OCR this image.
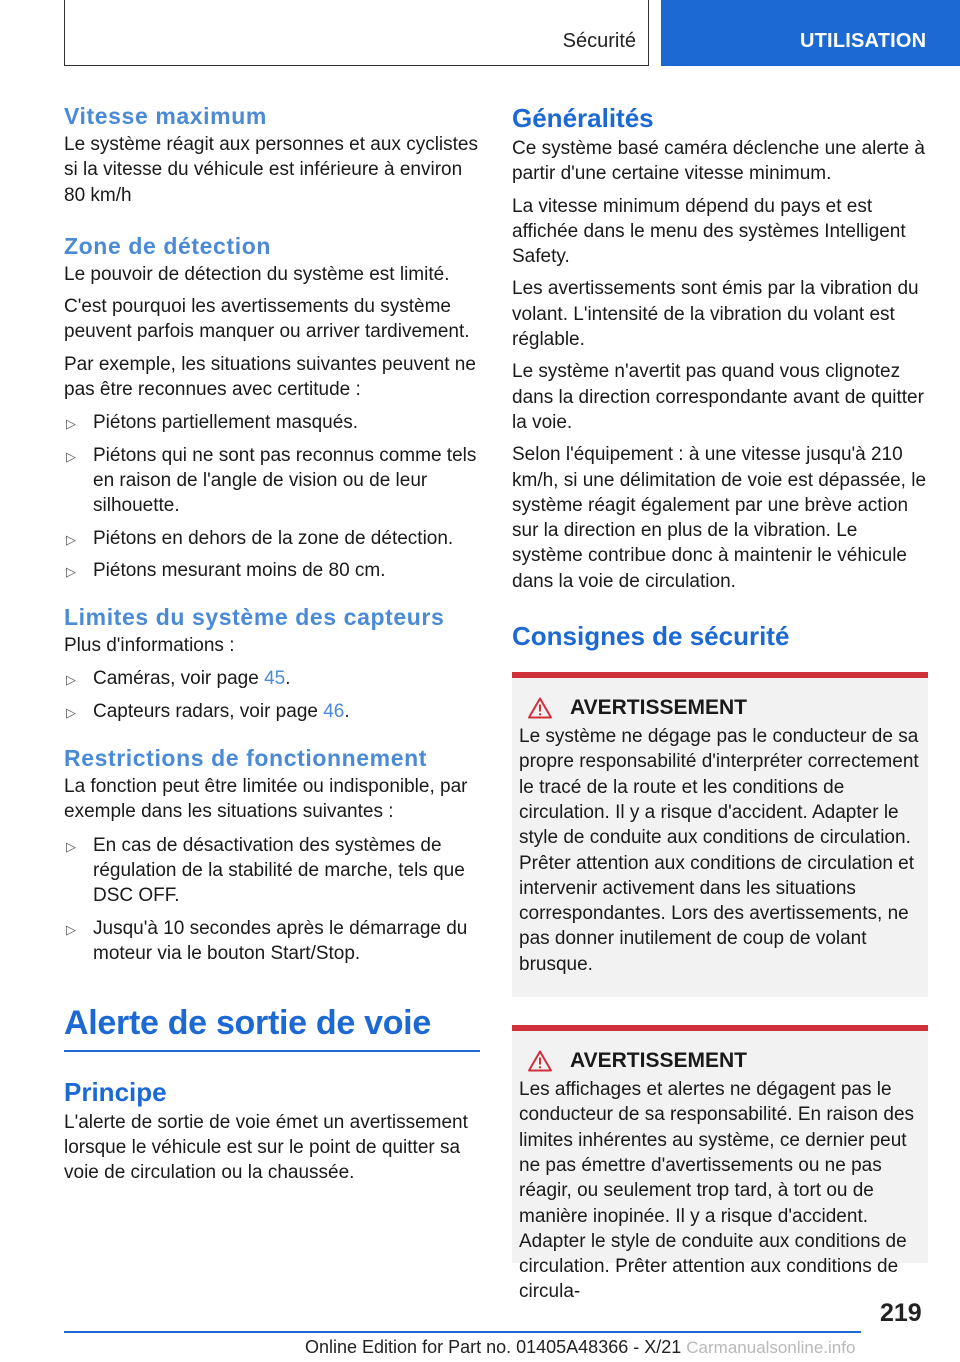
Sécurité	UTILISATION
Vitesse maximum

Le système réagit aux personnes et aux cyclistes si la vitesse du véhicule est inférieure à environ 80 km/h

Zone de détection

Le pouvoir de détection du système est limité.

C'est pourquoi les avertissements du système peuvent parfois manquer ou arriver tardivement.

Par exemple, les situations suivantes peuvent ne pas être reconnues avec certitude :

▷ Piétons partiellement masqués.
▷ Piétons qui ne sont pas reconnus comme tels en raison de l'angle de vision ou de leur silhouette.
▷ Piétons en dehors de la zone de détection.
▷ Piétons mesurant moins de 80 cm.
Limites du système des capteurs

Plus d'informations :

▷ Caméras, voir page 45.
▷ Capteurs radars, voir page 46.
Restrictions de fonctionnement

La fonction peut être limitée ou indisponible, par exemple dans les situations suivantes :

▷ En cas de désactivation des systèmes de régulation de la stabilité de marche, tels que DSC OFF.
▷ Jusqu'à 10 secondes après le démarrage du moteur via le bouton Start/Stop.
Alerte de sortie de voie
Principe

L'alerte de sortie de voie émet un avertissement lorsque le véhicule est sur le point de quitter sa voie de circulation ou la chaussée.

Généralités

Ce système basé caméra déclenche une alerte à partir d'une certaine vitesse minimum.

La vitesse minimum dépend du pays et est affichée dans le menu des systèmes Intelligent Safety.

Les avertissements sont émis par la vibration du volant. L'intensité de la vibration du volant est réglable.

Le système n'avertit pas quand vous clignotez dans la direction correspondante avant de quitter la voie.

Selon l'équipement : à une vitesse jusqu'à 210 km/h, si une délimitation de voie est dépassée, le système réagit également par une brève action sur la direction en plus de la vibration. Le système contribue donc à maintenir le véhicule dans la voie de circulation.

Consignes de sécurité
AVERTISSEMENT

Le système ne dégage pas le conducteur de sa propre responsabilité d'interpréter correctement le tracé de la route et les conditions de circulation. Il y a risque d'accident. Adapter le style de conduite aux conditions de circulation. Prêter attention aux conditions de circulation et intervenir activement dans les situations correspondantes. Lors des avertissements, ne pas donner inutilement de coup de volant brusque.

AVERTISSEMENT

Les affichages et alertes ne dégagent pas le conducteur de sa responsabilité. En raison des limites inhérentes au système, ce dernier peut ne pas émettre d'avertissements ou ne pas réagir, ou seulement trop tard, à tort ou de manière inopinée. Il y a risque d'accident. Adapter le style de conduite aux conditions de circulation. Prêter attention aux conditions de circula-

219
Online Edition for Part no. 01405A48366 - X/21 Carmanualsonline.info
